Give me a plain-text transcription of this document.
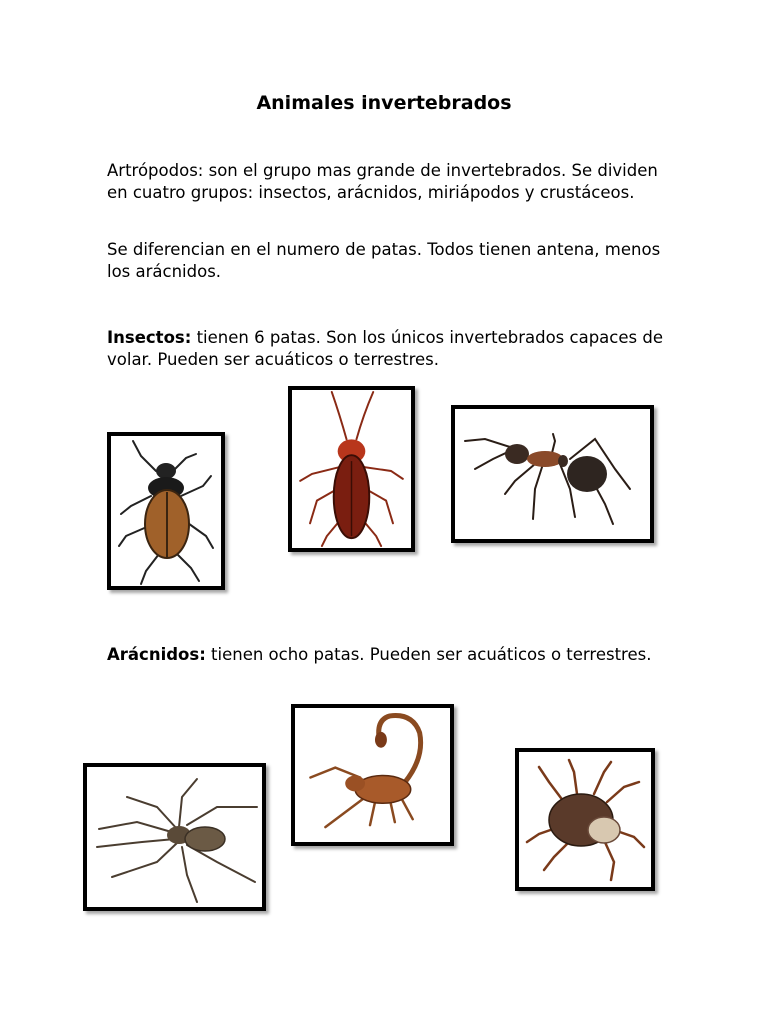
Animales invertebrados

Artrópodos: son el grupo mas grande de invertebrados. Se dividen en cuatro grupos: insectos, arácnidos, miriápodos y crustáceos.

Se diferencian en el numero de patas. Todos tienen antena, menos los arácnidos.

Insectos: tienen 6 patas. Son los únicos invertebrados capaces de volar. Pueden ser acuáticos o terrestres.

Arácnidos: tienen ocho patas. Pueden ser acuáticos o terrestres.
